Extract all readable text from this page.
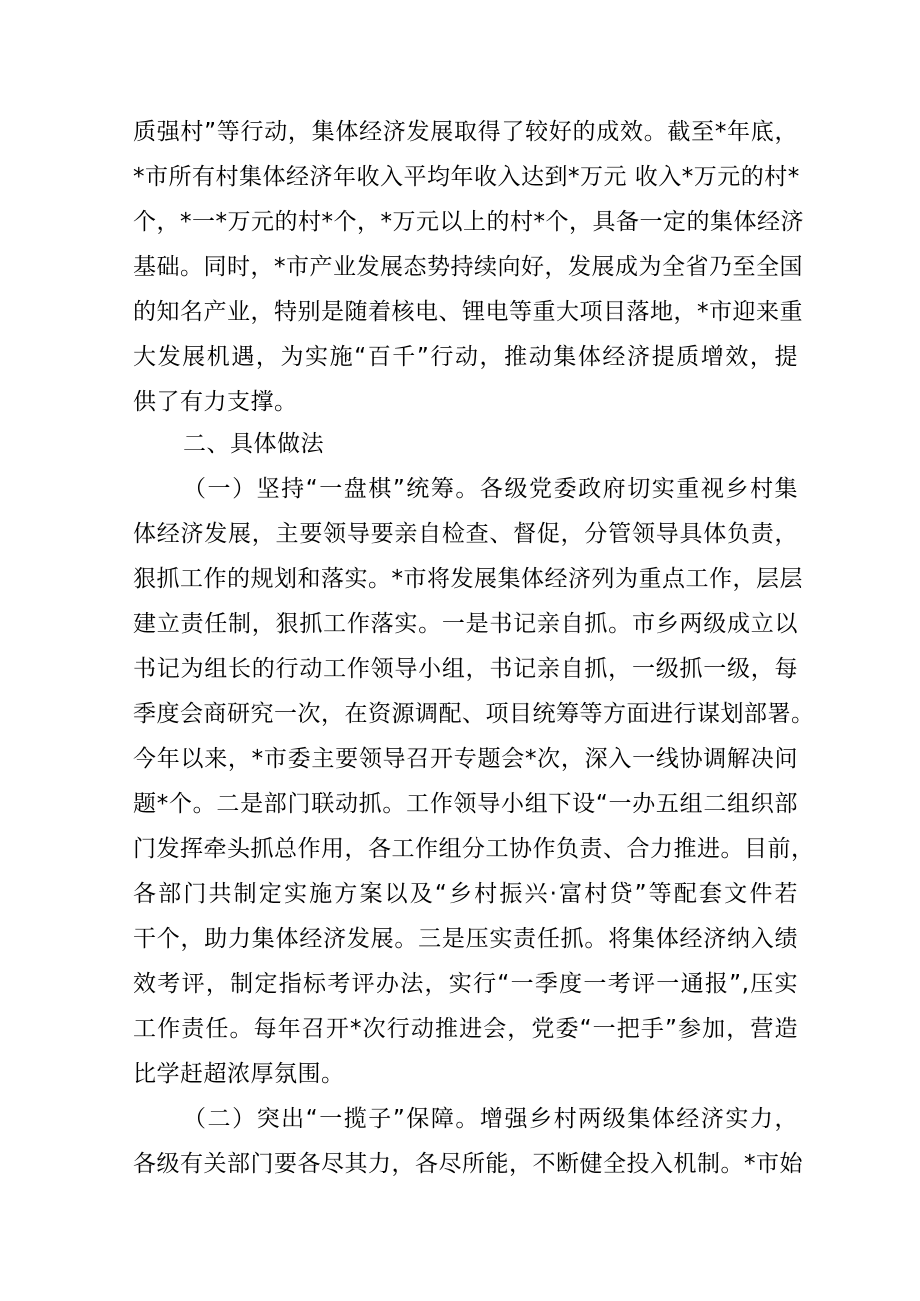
质强村”等行动，集体经济发展取得了较好的成效。截至*年底，
*市所有村集体经济年收入平均年收入达到*万元 收入*万元的村*
个，*一*万元的村*个，*万元以上的村*个，具备一定的集体经济
基础。同时，*市产业发展态势持续向好，发展成为全省乃至全国
的知名产业，特别是随着核电、锂电等重大项目落地，*市迎来重
大发展机遇，为实施“百千”行动，推动集体经济提质增效，提
供了有力支撑。
二、具体做法
（一）坚持“一盘棋”统筹。各级党委政府切实重视乡村集
体经济发展，主要领导要亲自检查、督促，分管领导具体负责，
狠抓工作的规划和落实。*市将发展集体经济列为重点工作，层层
建立责任制，狠抓工作落实。一是书记亲自抓。市乡两级成立以
书记为组长的行动工作领导小组，书记亲自抓，一级抓一级，每
季度会商研究一次，在资源调配、项目统筹等方面进行谋划部署。
今年以来，*市委主要领导召开专题会*次，深入一线协调解决问
题*个。二是部门联动抓。工作领导小组下设“一办五组二组织部
门发挥牵头抓总作用，各工作组分工协作负责、合力推进。目前，
各部门共制定实施方案以及“乡村振兴·富村贷”等配套文件若
干个，助力集体经济发展。三是压实责任抓。将集体经济纳入绩
效考评，制定指标考评办法，实行“一季度一考评一通报”,压实
工作责任。每年召开*次行动推进会，党委“一把手”参加，营造
比学赶超浓厚氛围。
（二）突出“一揽子”保障。增强乡村两级集体经济实力，
各级有关部门要各尽其力，各尽所能，不断健全投入机制。*市始
